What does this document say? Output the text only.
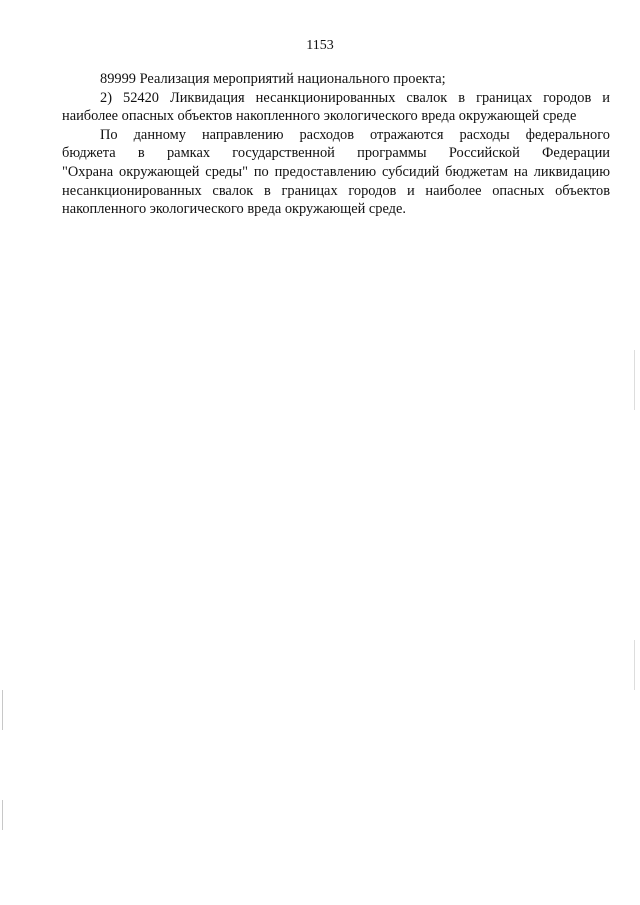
1153

89999 Реализация мероприятий национального проекта;

2) 52420 Ликвидация несанкционированных свалок в границах городов и
наиболее опасных объектов накопленного экологического вреда окружающей среде

По данному направлению расходов отражаются расходы федерального
бюджета в рамках государственной программы Российской Федерации
"Охрана окружающей среды" по предоставлению субсидий бюджетам на ликвидацию
несанкционированных свалок в границах городов и наиболее опасных объектов
накопленного экологического вреда окружающей среде.
